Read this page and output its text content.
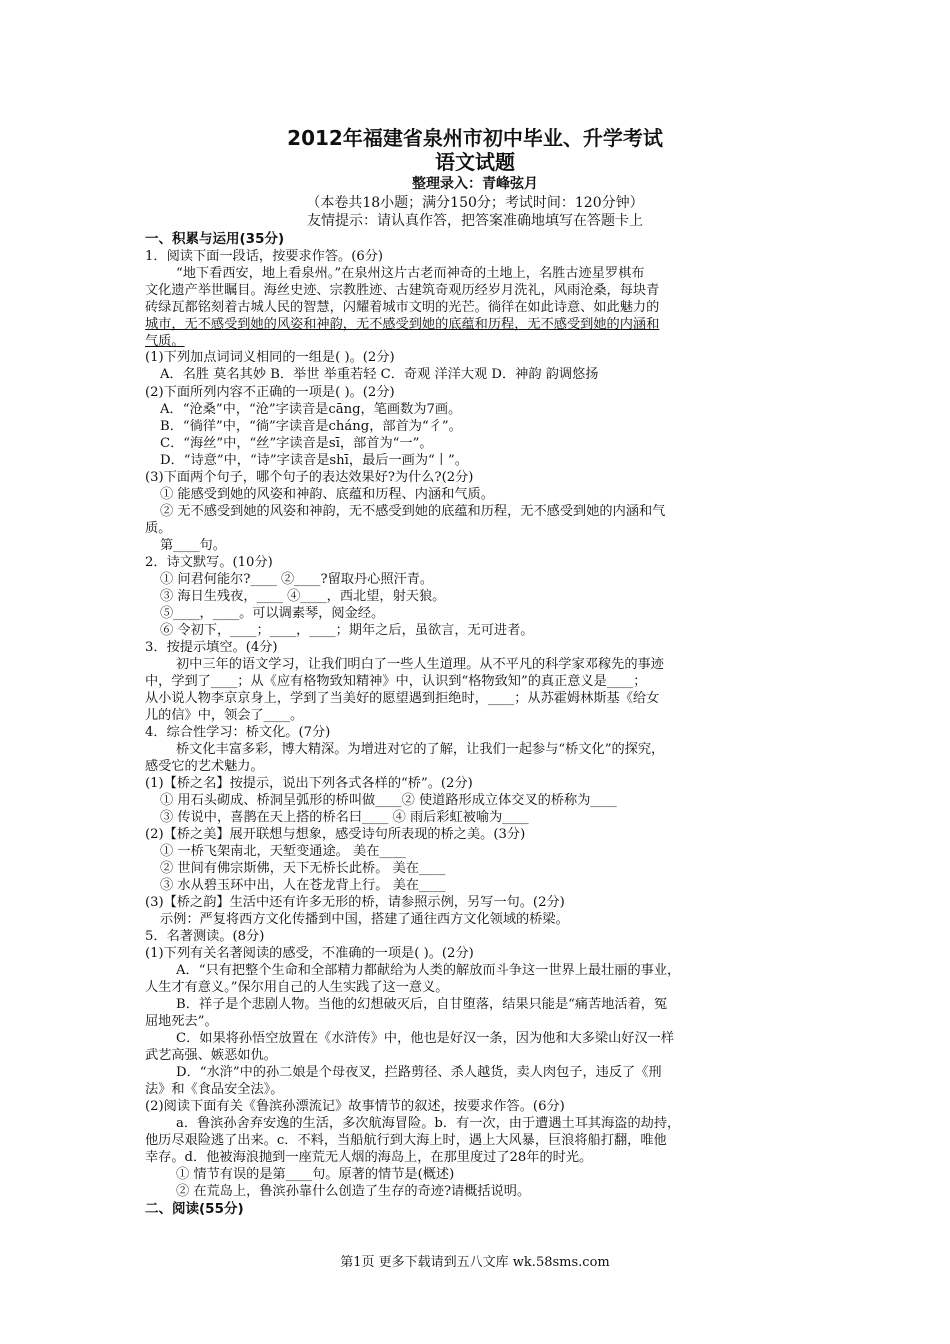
2012年福建省泉州市初中毕业、升学考试
语文试题
整理录入：青峰弦月
（本卷共18小题；满分150分；考试时间：120分钟）
友情提示：请认真作答，把答案准确地填写在答题卡上
一、积累与运用(35分)
1．阅读下面一段话，按要求作答。(6分)
“地下看西安，地上看泉州。”在泉州这片古老而神奇的土地上，名胜古迹星罗棋布
文化遗产举世瞩目。海丝史迹、宗教胜迹、古建筑奇观历经岁月洗礼，风雨沧桑，每块青
砖绿瓦都铭刻着古城人民的智慧，闪耀着城市文明的光芒。徜徉在如此诗意、如此魅力的
城市，无不感受到她的风姿和神韵，无不感受到她的底蕴和历程，无不感受到她的内涵和
气质。
(1)下列加点词词义相同的一组是( )。(2分)
A．名胜 莫名其妙 B．举世 举重若轻 C．奇观 洋洋大观 D．神韵 韵调悠扬
(2)下面所列内容不正确的一项是( )。(2分)
A．“沧桑”中，“沧”字读音是cāng，笔画数为7画。
B．“徜徉”中，“徜”字读音是cháng，部首为“彳”。
C．“海丝”中，“丝”字读音是sī，部首为“一”。
D．“诗意”中，“诗”字读音是shī，最后一画为“丨”。
(3)下面两个句子，哪个句子的表达效果好?为什么?(2分)
① 能感受到她的风姿和神韵、底蕴和历程、内涵和气质。
② 无不感受到她的风姿和神韵，无不感受到她的底蕴和历程，无不感受到她的内涵和气
质。
第____句。
2．诗文默写。(10分)
① 问君何能尔?____ ②____?留取丹心照汗青。
③ 海日生残夜，____ ④____，西北望，射天狼。
⑤____，____。可以调素琴，阅金经。
⑥ 令初下，____；____，____；期年之后，虽欲言，无可进者。
3．按提示填空。(4分)
初中三年的语文学习，让我们明白了一些人生道理。从不平凡的科学家邓稼先的事迹
中，学到了____；从《应有格物致知精神》中，认识到“格物致知”的真正意义是____；
从小说人物李京京身上，学到了当美好的愿望遇到拒绝时，____；从苏霍姆林斯基《给女
儿的信》中，领会了____。
4．综合性学习：桥文化。(7分)
桥文化丰富多彩，博大精深。为增进对它的了解，让我们一起参与“桥文化”的探究，
感受它的艺术魅力。
(1)【桥之名】按提示，说出下列各式各样的“桥”。(2分)
① 用石头砌成、桥洞呈弧形的桥叫做____② 使道路形成立体交叉的桥称为____
③ 传说中，喜鹊在天上搭的桥名曰____ ④ 雨后彩虹被喻为____
(2)【桥之美】展开联想与想象，感受诗句所表现的桥之美。(3分)
① 一桥飞架南北，天堑变通途。 美在____
② 世间有佛宗斯佛，天下无桥长此桥。 美在____
③ 水从碧玉环中出，人在苍龙背上行。 美在____
(3)【桥之韵】生活中还有许多无形的桥，请参照示例，另写一句。(2分)
示例：严复将西方文化传播到中国，搭建了通往西方文化领域的桥梁。
5．名著测读。(8分)
(1)下列有关名著阅读的感受，不准确的一项是( )。(2分)
A．“只有把整个生命和全部精力都献给为人类的解放而斗争这一世界上最壮丽的事业，
人生才有意义。”保尔用自己的人生实践了这一意义。
B．祥子是个悲剧人物。当他的幻想破灭后，自甘堕落，结果只能是“痛苦地活着，冤
屈地死去”。
C．如果将孙悟空放置在《水浒传》中，他也是好汉一条，因为他和大多梁山好汉一样
武艺高强、嫉恶如仇。
D．“水浒”中的孙二娘是个母夜叉，拦路剪径、杀人越货，卖人肉包子，违反了《刑
法》和《食品安全法》。
(2)阅读下面有关《鲁滨孙漂流记》故事情节的叙述，按要求作答。(6分)
a．鲁滨孙舍弃安逸的生活，多次航海冒险。b．有一次，由于遭遇土耳其海盗的劫持，
他历尽艰险逃了出来。c．不料，当船航行到大海上时，遇上大风暴，巨浪将船打翻，唯他
幸存。d．他被海浪抛到一座荒无人烟的海岛上，在那里度过了28年的时光。
① 情节有误的是第____句。原著的情节是(概述)
② 在荒岛上，鲁滨孙靠什么创造了生存的奇迹?请概括说明。
二、阅读(55分)
第1页 更多下载请到五八文库 wk.58sms.com
